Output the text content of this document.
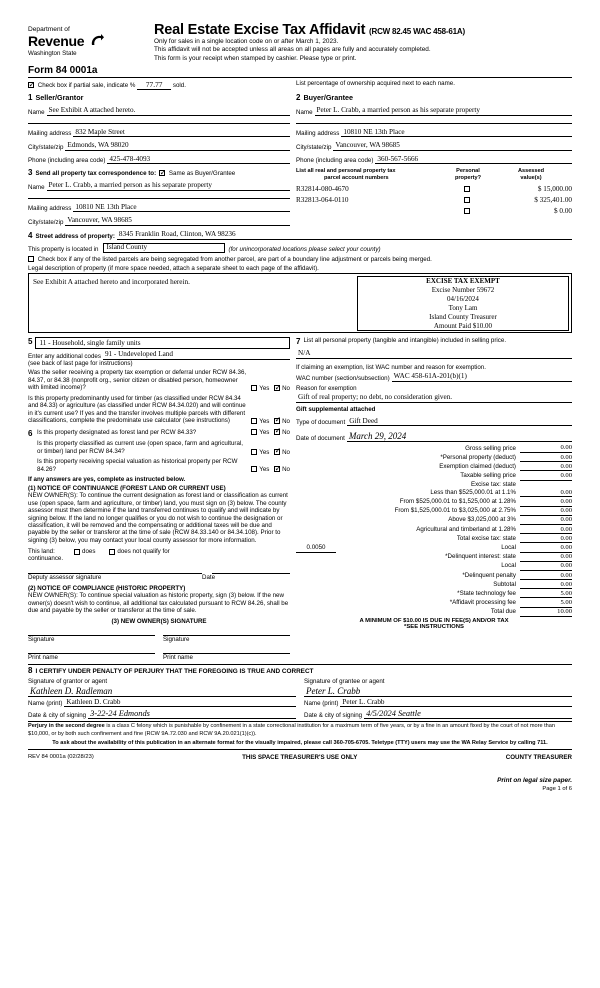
Department of
Revenue
Washington State
Form 84 0001a
Real Estate Excise Tax Affidavit (RCW 82.45 WAC 458-61A)
Only for sales in a single location code on or after March 1, 2023.
This affidavit will not be accepted unless all areas on all pages are fully and accurately completed.
This form is your receipt when stamped by cashier. Please type or print.
✓ Check box if partial sale, indicate % 77.77 sold.	List percentage of ownership acquired next to each name.
1 Seller/Grantor
Name See Exhibit A attached hereto.
Mailing address 832 Maple Street
City/state/zip Edmonds, WA 98020
Phone (including area code) 425-478-4093
2 Buyer/Grantee
Name Peter L. Crabb, a married person as his separate property
Mailing address 10810 NE 13th Place
City/state/zip Vancouver, WA 98685
Phone (including area code) 360-567-5666
3 Send all property tax correspondence to: ✓	Same as Buyer/Grantee
Name Peter L. Crabb, a married person as his separate property
Mailing address 10810 NE 13th Place
City/state/zip Vancouver, WA 98685
List all real and personal property tax
parcel account numbers	Personal
property?	Assessed
value(s)
R32814-080-4670		$ 15,000.00
R32813-064-0110		$ 325,401.00
		$ 0.00
4 Street address of property: 8345 Franklin Road, Clinton, WA 98236
This property is located in Island County	(for unincorporated locations please select your county)
Check box if any of the listed parcels are being segregated from another parcel, are part of a boundary line adjustment or parcels being merged.
Legal description of property (if more space needed, attach a separate sheet to each page of the affidavit).
See Exhibit A attached hereto and incorporated herein.	EXCISE TAX EXEMPT
Excise Number 59672
04/16/2024
Tony Lam
Island County Treasurer
Amount Paid $10.00
5 11 - Household, single family units
Enter any additional codes 91 - Undeveloped Land
(see back of last page for instructions)
Was the seller receiving a property tax exemption or deferral under RCW 84.36, 84.37, or 84.38 (nonprofit org., senior citizen or disabled person, homeowner with limited income)?	Yes ✓No
Is this property predominantly used for timber (as classified under RCW 84.34 and 84.33) or agriculture (as classified under RCW 84.34.020) and will continue in it's current use? If yes and the transfer involves multiple parcels with different classifications, complete the predominate use calculator (see instructions)	Yes ✓No
6 Is this property designated as forest land per RCW 84.33?	Yes ✓No
Is this property classified as current use (open space, farm and agricultural, or timber) land per RCW 84.34?	Yes ✓No
Is this property receiving special valuation as historical property per RCW 84.26?	Yes ✓No
If any answers are yes, complete as instructed below.
(1) NOTICE OF CONTINUANCE (FOREST LAND OR CURRENT USE)
NEW OWNER(S): To continue the current designation as forest land or classification as current use (open space, farm and agriculture, or timber) land, you must sign on (3) below. The county assessor must then determine if the land transferred continues to qualify and will indicate by signing below. If the land no longer qualifies or you do not wish to continue the designation or classification, it will be removed and the compensating or additional taxes will be due and payable by the seller or transferor at the time of sale (RCW 84.33.140 or 84.34.108). Prior to signing (3) below, you may contact your local county assessor for more information.
This land:	does	does not qualify for
continuance.
Deputy assessor signature	Date
(2) NOTICE OF COMPLIANCE (HISTORIC PROPERTY)
NEW OWNER(S): To continue special valuation as historic property, sign (3) below. If the new owner(s) doesn't wish to continue, all additional tax calculated pursuant to RCW 84.26, shall be due and payable by the seller or transferor at the time of sale.
(3) NEW OWNER(S) SIGNATURE
Signature	Signature
Print name	Print name
7 List all personal property (tangible and intangible) included in selling price.
N/A
If claiming an exemption, list WAC number and reason for exemption.
WAC number (section/subsection) WAC 458-61A-201(b)(1)
Reason for exemption
Gift of real property; no debt, no consideration given.
Gift supplemental attached
Type of document Gift Deed
Date of document March 29, 2024
Gross selling price	0.00
*Personal property (deduct)	0.00
Exemption claimed (deduct)	0.00
Taxable selling price	0.00
Excise tax: state	
Less than $525,000.01 at 1.1%	0.00
From $525,000.01 to $1,525,000 at 1.28%	0.00
From $1,525,000.01 to $3,025,000 at 2.75%	0.00
Above $3,025,000 at 3%	0.00
Agricultural and timberland at 1.28%	0.00
Total excise tax: state	0.00
0.0050	Local	0.00
*Delinquent interest: state	0.00
Local	0.00
*Delinquent penalty	0.00
Subtotal	0.00
*State technology fee	5.00
*Affidavit processing fee	5.00
Total due	10.00
A MINIMUM OF $10.00 IS DUE IN FEE(S) AND/OR TAX
*SEE INSTRUCTIONS
8 I CERTIFY UNDER PENALTY OF PERJURY THAT THE FOREGOING IS TRUE AND CORRECT
Signature of grantor or agent
Kathleen D. Radleman
Name (print) Kathleen D. Crabb
Date & city of signing 3-22-24 Edmonds
Signature of grantee or agent
Peter L. Crabb
Name (print) Peter L. Crabb
Date & city of signing 4/5/2024 Seattle
Perjury in the second degree is a class C felony which is punishable by confinement in a state correctional institution for a maximum term of five years, or by a fine in an amount fixed by the court of not more than $10,000, or by both such confinement and fine (RCW 9A.72.030 and RCW 9A.20.021(1)(c)).
To ask about the availability of this publication in an alternate format for the visually impaired, please call 360-705-6705. Teletype (TTY) users may use the WA Relay Service by calling 711.
REV 84 0001a (02/28/23)	THIS SPACE TREASURER'S USE ONLY	COUNTY TREASURER
Print on legal size paper.
Page 1 of 6
